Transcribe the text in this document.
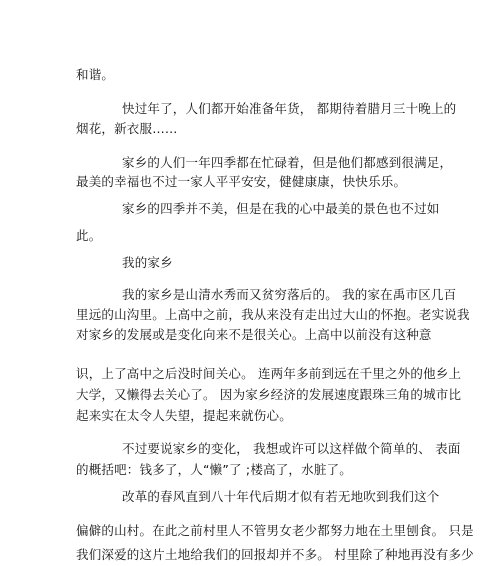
和谐。
快过年了，人们都开始准备年货， 都期待着腊月三十晚上的
烟花，新衣服……
家乡的人们一年四季都在忙碌着，但是他们都感到很满足，
最美的幸福也不过一家人平平安安，健健康康，快快乐乐。
家乡的四季并不美，但是在我的心中最美的景色也不过如
此。
我的家乡
我的家乡是山清水秀而又贫穷落后的。 我的家在禹市区几百
里远的山沟里。上高中之前，我从来没有走出过大山的怀抱。老实说我
对家乡的发展或是变化向来不是很关心。上高中以前没有这种意
识，上了高中之后没时间关心。 连两年多前到远在千里之外的他乡上
大学，又懒得去关心了。 因为家乡经济的发展速度跟珠三角的城市比
起来实在太令人失望，提起来就伤心。
不过要说家乡的变化， 我想或许可以这样做个简单的、 表面
的概括吧：钱多了，人“懒”了 ;楼高了，水脏了。
改革的春风直到八十年代后期才似有若无地吹到我们这个
偏僻的山村。在此之前村里人不管男女老少都努力地在土里刨食。 只是
我们深爱的这片土地给我们的回报却并不多。 村里除了种地再没有多少
